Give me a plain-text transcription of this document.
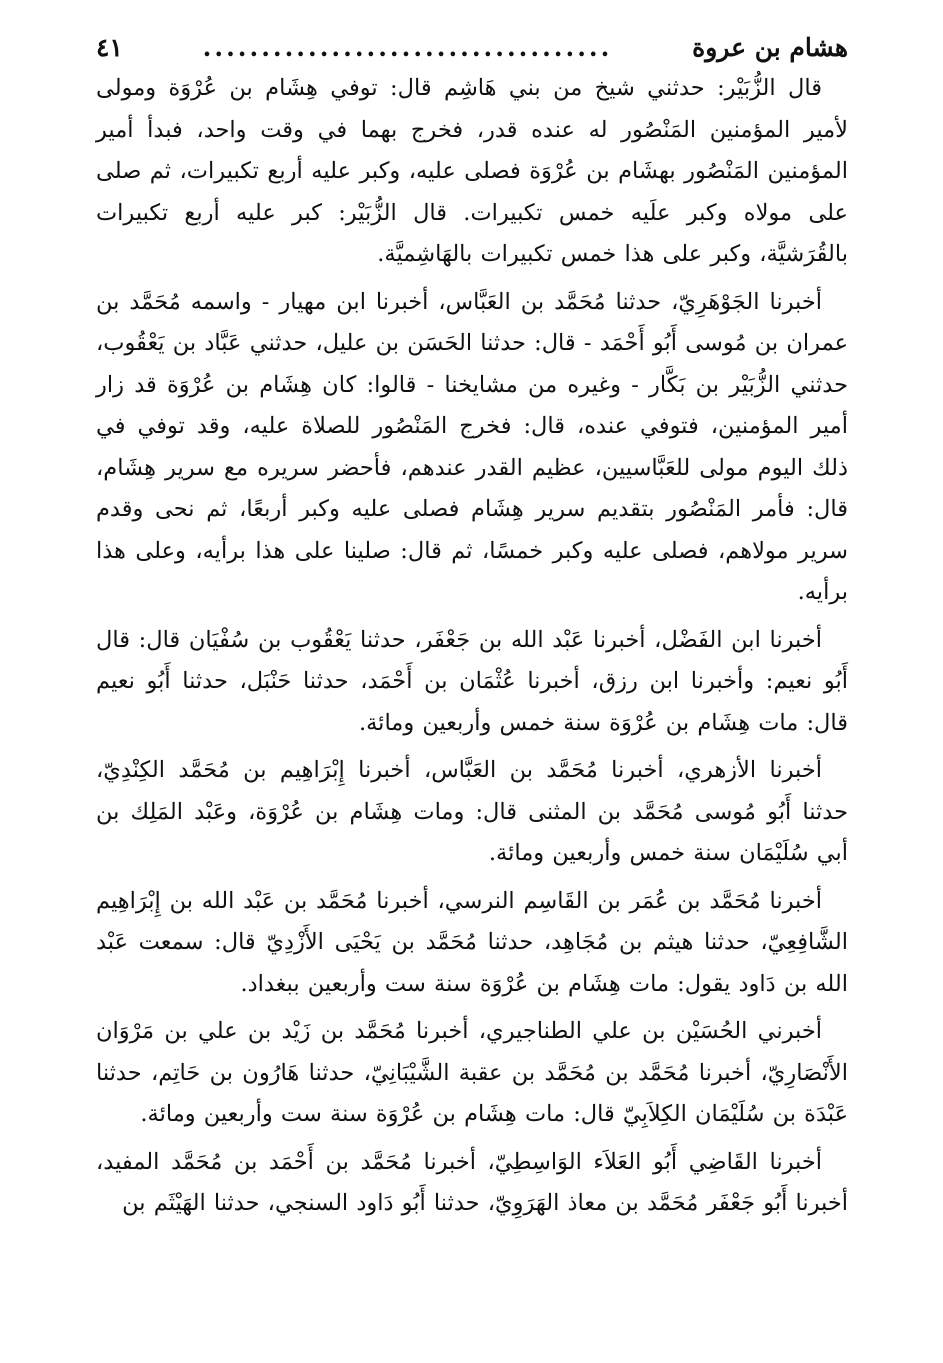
هشام بن عروة
...................................
٤١

قال الزُّبَيْر: حدثني شيخ من بني هَاشِم قال: توفي هِشَام بن عُرْوَة ومولى لأمير المؤمنين المَنْصُور له عنده قدر، فخرج بهما في وقت واحد، فبدأ أمير المؤمنين المَنْصُور بهشَام بن عُرْوَة فصلى عليه، وكبر عليه أربع تكبيرات، ثم صلى على مولاه وكبر علَيه خمس تكبيرات. قال الزُّبَيْر: كبر عليه أربع تكبيرات بالقُرَشيَّة، وكبر على هذا خمس تكبيرات بالهَاشِميَّة.

أخبرنا الجَوْهَرِيّ، حدثنا مُحَمَّد بن العَبَّاس، أخبرنا ابن مهيار - واسمه مُحَمَّد بن عمران بن مُوسى أَبُو أَحْمَد - قال: حدثنا الحَسَن بن عليل، حدثني عَبَّاد بن يَعْقُوب، حدثني الزُّبَيْر بن بَكَّار - وغيره من مشايخنا - قالوا: كان هِشَام بن عُرْوَة قد زار أمير المؤمنين، فتوفي عنده، قال: فخرج المَنْصُور للصلاة عليه، وقد توفي في ذلك اليوم مولى للعَبَّاسيين، عظيم القدر عندهم، فأحضر سريره مع سرير هِشَام، قال: فأمر المَنْصُور بتقديم سرير هِشَام فصلى عليه وكبر أربعًا، ثم نحى وقدم سرير مولاهم، فصلى عليه وكبر خمسًا، ثم قال: صلينا على هذا برأيه، وعلى هذا برأيه.

أخبرنا ابن الفَضْل، أخبرنا عَبْد الله بن جَعْفَر، حدثنا يَعْقُوب بن سُفْيَان قال: قال أَبُو نعيم: وأخبرنا ابن رزق، أخبرنا عُثْمَان بن أَحْمَد، حدثنا حَنْبَل، حدثنا أَبُو نعيم قال: مات هِشَام بن عُرْوَة سنة خمس وأربعين ومائة.

أخبرنا الأزهري، أخبرنا مُحَمَّد بن العَبَّاس، أخبرنا إِبْرَاهِيم بن مُحَمَّد الكِنْدِيّ، حدثنا أَبُو مُوسى مُحَمَّد بن المثنى قال: ومات هِشَام بن عُرْوَة، وعَبْد المَلِك بن أبي سُلَيْمَان سنة خمس وأربعين ومائة.

أخبرنا مُحَمَّد بن عُمَر بن القَاسِم النرسي، أخبرنا مُحَمَّد بن عَبْد الله بن إِبْرَاهِيم الشَّافِعِيّ، حدثنا هيثم بن مُجَاهِد، حدثنا مُحَمَّد بن يَحْيَى الأَزْدِيّ قال: سمعت عَبْد الله بن دَاود يقول: مات هِشَام بن عُرْوَة سنة ست وأربعين ببغداد.

أخبرني الحُسَيْن بن علي الطناجيري، أخبرنا مُحَمَّد بن زَيْد بن علي بن مَرْوَان الأَنْصَارِيّ، أخبرنا مُحَمَّد بن مُحَمَّد بن عقبة الشَّيْبَانِيّ، حدثنا هَارُون بن حَاتِم، حدثنا عَبْدَة بن سُلَيْمَان الكِلاَبِيّ قال: مات هِشَام بن عُرْوَة سنة ست وأربعين ومائة.

أخبرنا القَاضِي أَبُو العَلاَء الوَاسِطِيّ، أخبرنا مُحَمَّد بن أَحْمَد بن مُحَمَّد المفيد، أخبرنا أَبُو جَعْفَر مُحَمَّد بن معاذ الهَرَوِيّ، حدثنا أَبُو دَاود السنجي، حدثنا الهَيْثَم بن
